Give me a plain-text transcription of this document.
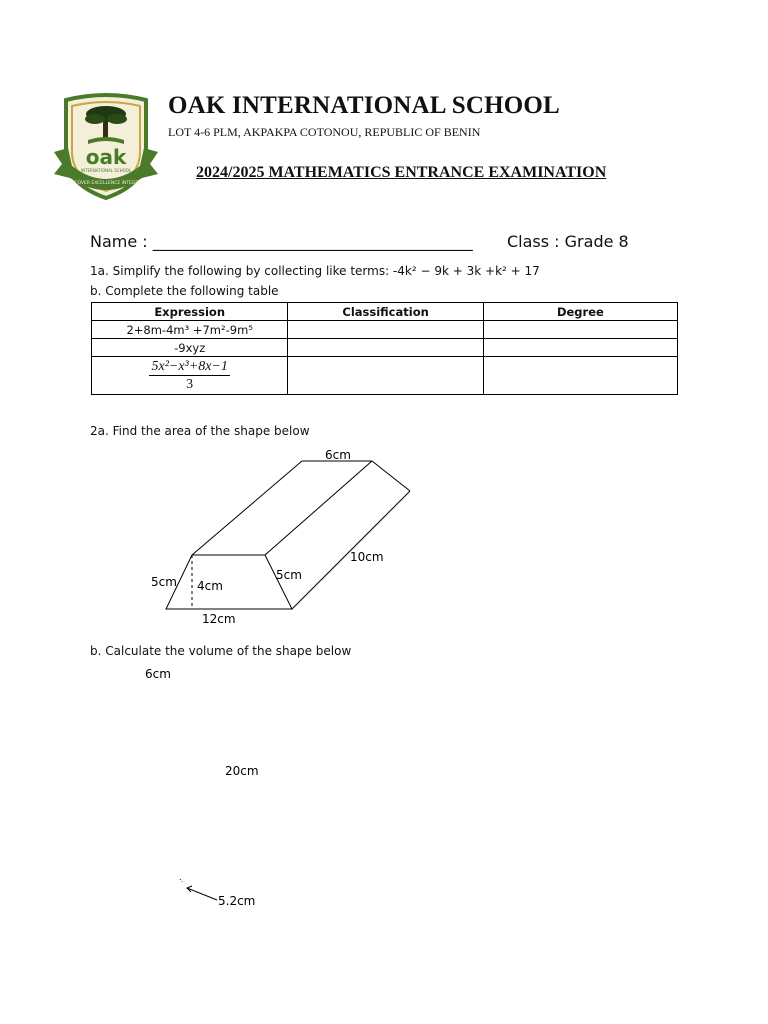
oak
INTERNATIONAL SCHOOL
DISCOVER EXCELLENCE INTEGRITY
OAK INTERNATIONAL SCHOOL
LOT 4-6 PLM, AKPAKPA COTONOU, REPUBLIC OF BENIN
2024/2025 MATHEMATICS ENTRANCE EXAMINATION
Name : ________________________________________ Class : Grade 8
1a. Simplify the following by collecting like terms: -4k² − 9k + 3k +k² + 17
b. Complete the following table
Expression	Classification	Degree
2+8m-4m³ +7m²-9m⁵		
-9xyz		

$\frac{\text{5x²−x³+8x−1}}{3}$

2a. Find the area of the shape below
6cm
10cm
5cm
5cm 4cm
12cm
b. Calculate the volume of the shape below
6cm
20cm
5.2cm
